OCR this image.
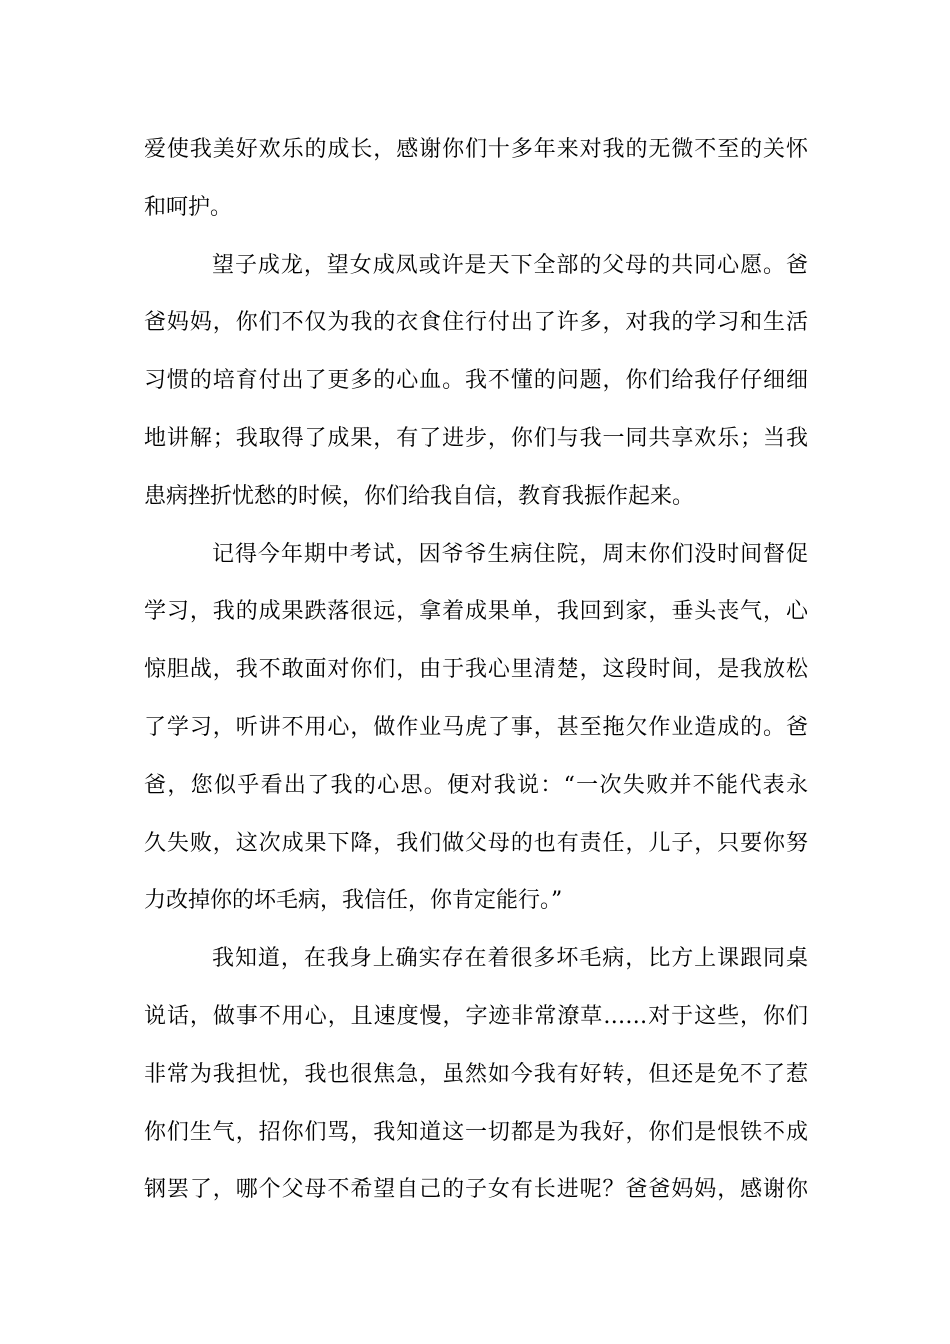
爱使我美好欢乐的成长，感谢你们十多年来对我的无微不至的关怀
和呵护。
望子成龙，望女成凤或许是天下全部的父母的共同心愿。爸
爸妈妈，你们不仅为我的衣食住行付出了许多，对我的学习和生活
习惯的培育付出了更多的心血。我不懂的问题，你们给我仔仔细细
地讲解；我取得了成果，有了进步，你们与我一同共享欢乐；当我
患病挫折忧愁的时候，你们给我自信，教育我振作起来。
记得今年期中考试，因爷爷生病住院，周末你们没时间督促
学习，我的成果跌落很远，拿着成果单，我回到家，垂头丧气，心
惊胆战，我不敢面对你们，由于我心里清楚，这段时间，是我放松
了学习，听讲不用心，做作业马虎了事，甚至拖欠作业造成的。爸
爸，您似乎看出了我的心思。便对我说：“一次失败并不能代表永
久失败，这次成果下降，我们做父母的也有责任，儿子，只要你努
力改掉你的坏毛病，我信任，你肯定能行。”
我知道，在我身上确实存在着很多坏毛病，比方上课跟同桌
说话，做事不用心，且速度慢，字迹非常潦草……对于这些，你们
非常为我担忧，我也很焦急，虽然如今我有好转，但还是免不了惹
你们生气，招你们骂，我知道这一切都是为我好，你们是恨铁不成
钢罢了，哪个父母不希望自己的子女有长进呢？爸爸妈妈，感谢你
